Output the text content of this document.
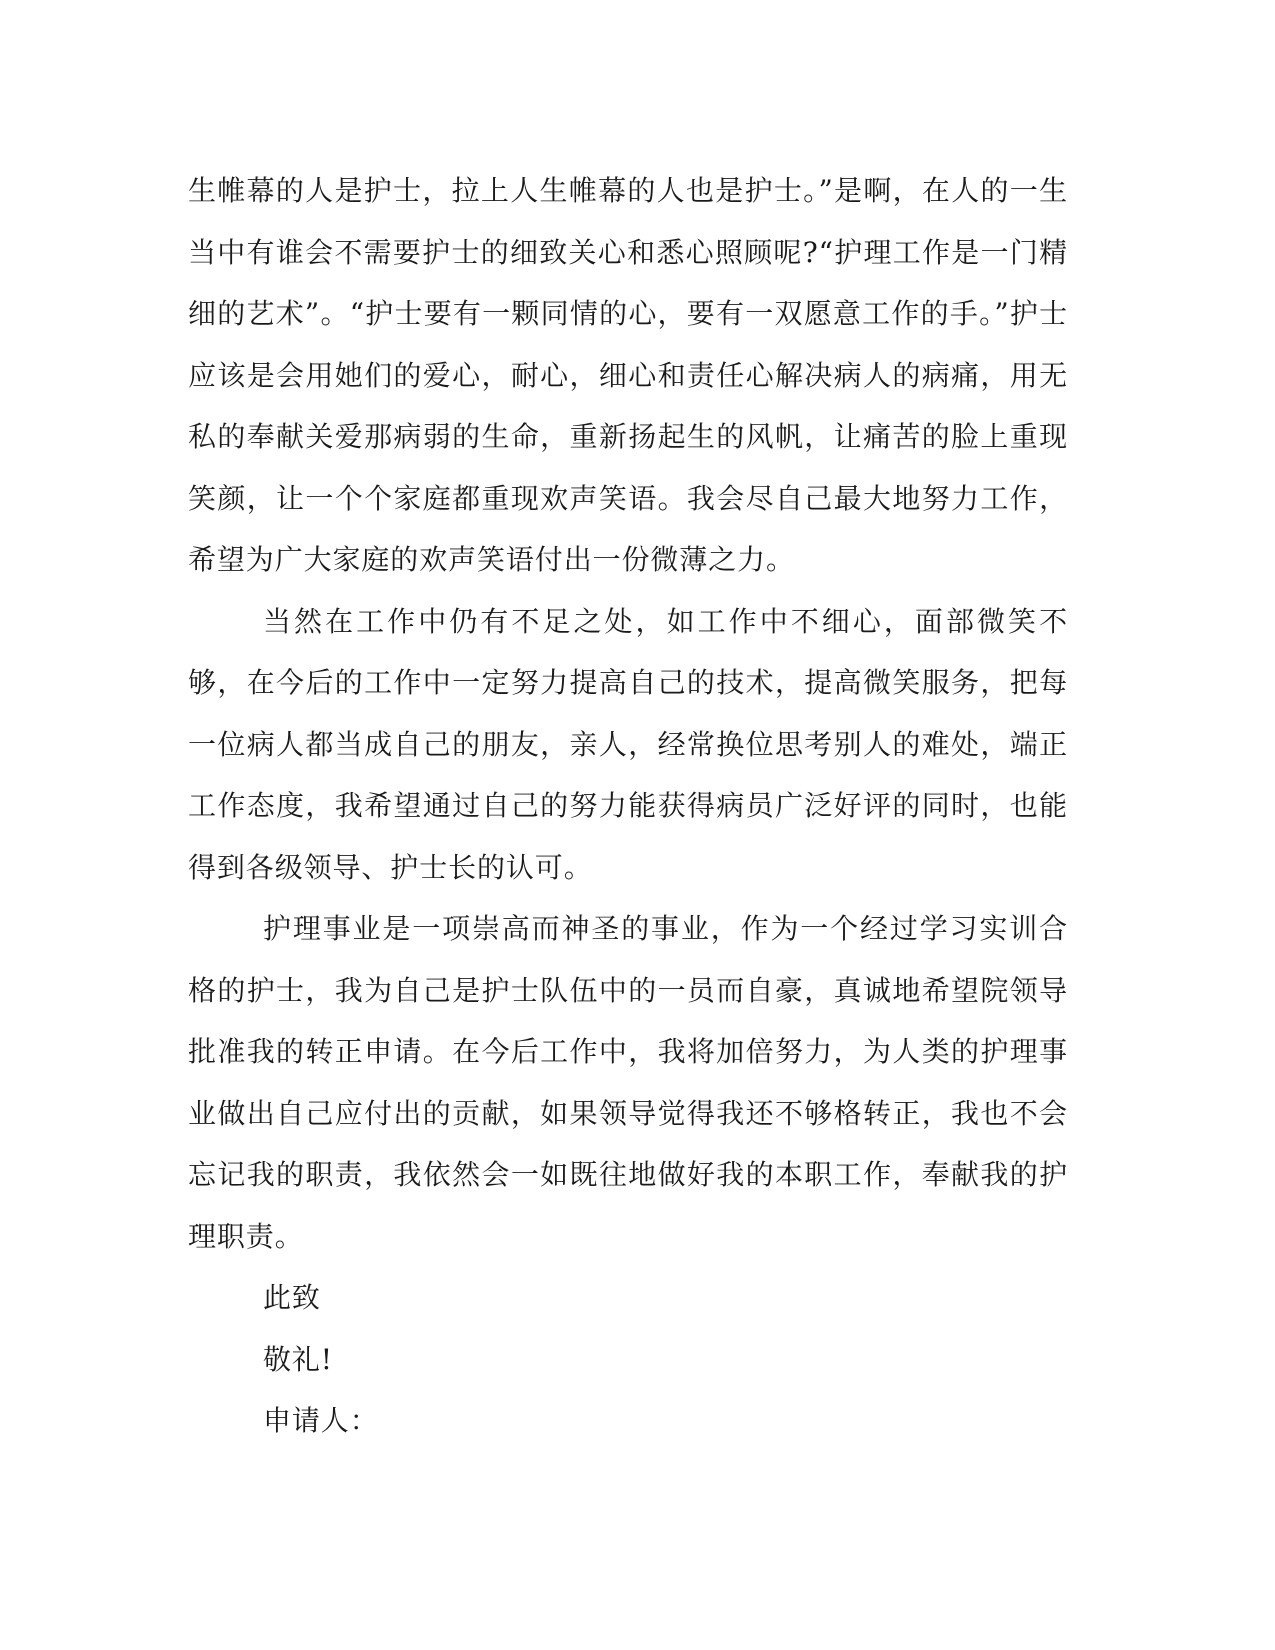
生帷幕的人是护士，拉上人生帷幕的人也是护士。”是啊，在人的一生当中有谁会不需要护士的细致关心和悉心照顾呢?“护理工作是一门精细的艺术”。“护士要有一颗同情的心，要有一双愿意工作的手。”护士应该是会用她们的爱心，耐心，细心和责任心解决病人的病痛，用无私的奉献关爱那病弱的生命，重新扬起生的风帆，让痛苦的脸上重现笑颜，让一个个家庭都重现欢声笑语。我会尽自己最大地努力工作，希望为广大家庭的欢声笑语付出一份微薄之力。

当然在工作中仍有不足之处，如工作中不细心，面部微笑不够，在今后的工作中一定努力提高自己的技术，提高微笑服务，把每一位病人都当成自己的朋友，亲人，经常换位思考别人的难处，端正工作态度，我希望通过自己的努力能获得病员广泛好评的同时，也能得到各级领导、护士长的认可。

护理事业是一项崇高而神圣的事业，作为一个经过学习实训合格的护士，我为自己是护士队伍中的一员而自豪，真诚地希望院领导批准我的转正申请。在今后工作中，我将加倍努力，为人类的护理事业做出自己应付出的贡献，如果领导觉得我还不够格转正，我也不会忘记我的职责，我依然会一如既往地做好我的本职工作，奉献我的护理职责。

此致

敬礼!

申请人：
